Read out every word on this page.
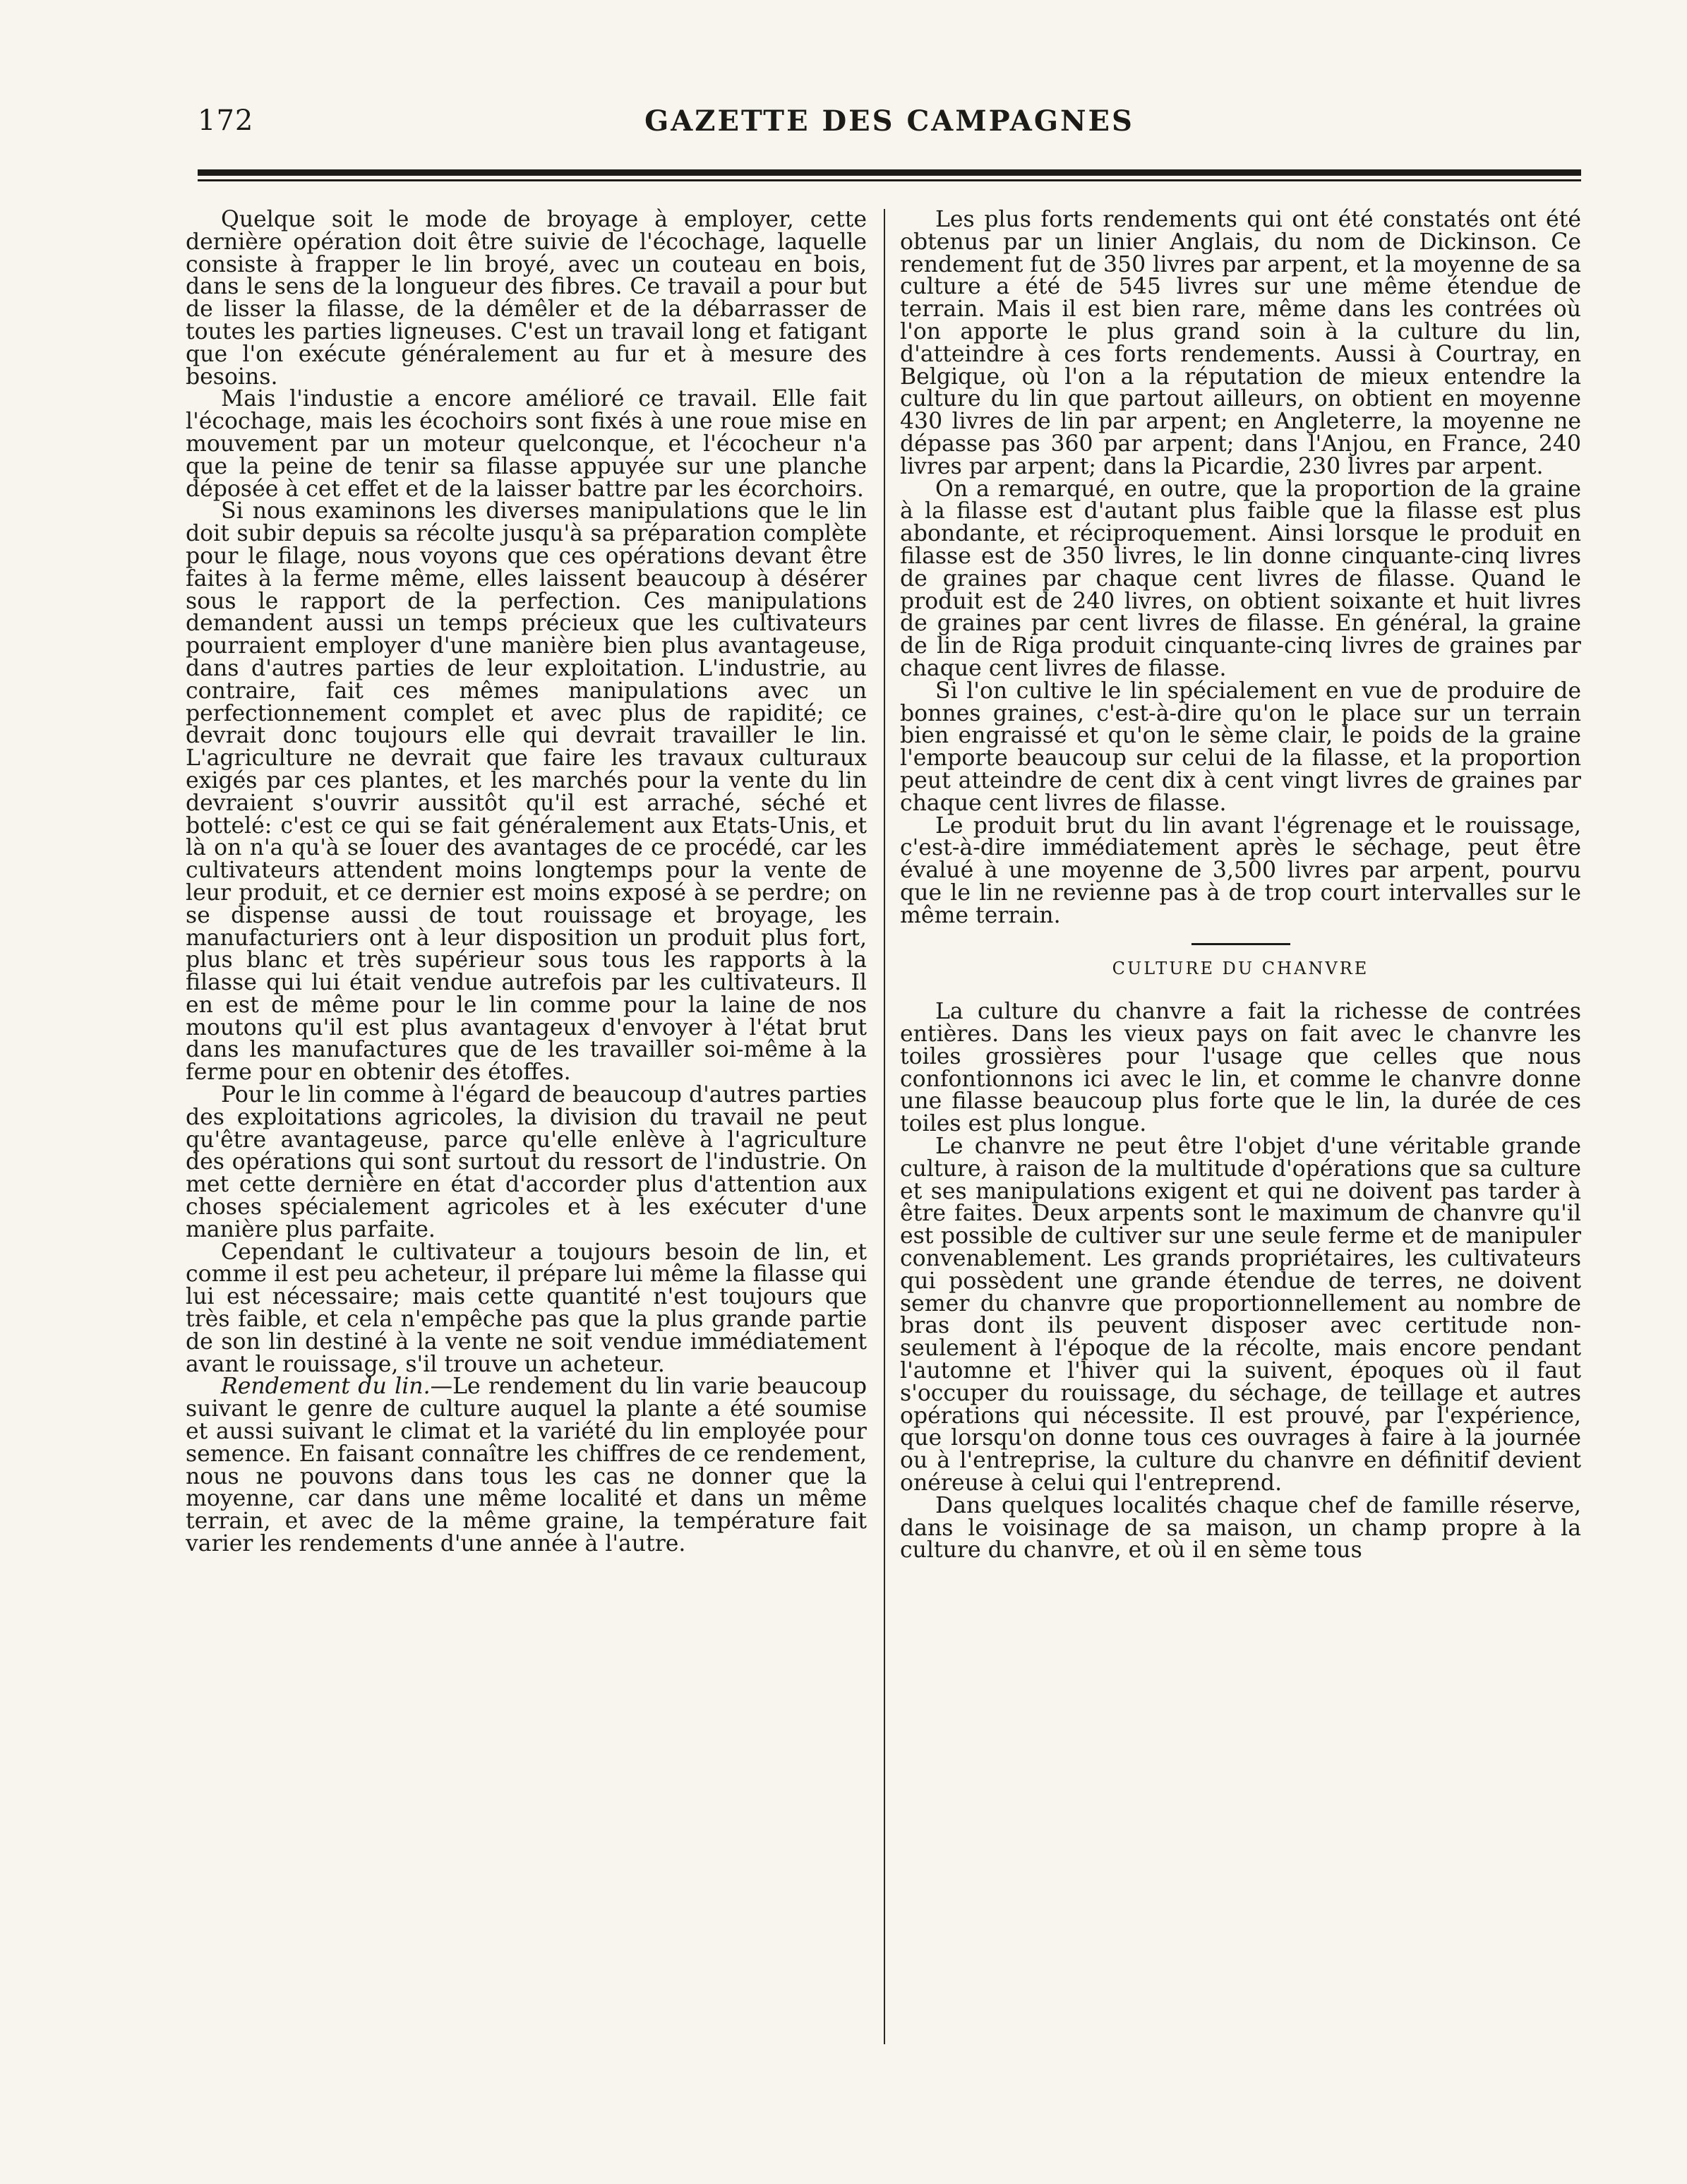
172	GAZETTE DES CAMPAGNES

Quelque soit le mode de broyage à employer, cette dernière opération doit être suivie de l'écochage, laquelle consiste à frapper le lin broyé, avec un couteau en bois, dans le sens de la longueur des fibres. Ce travail a pour but de lisser la filasse, de la démêler et de la débarrasser de toutes les parties ligneuses. C'est un travail long et fatigant que l'on exécute généralement au fur et à mesure des besoins.

Mais l'industie a encore amélioré ce travail. Elle fait l'écochage, mais les écochoirs sont fixés à une roue mise en mouvement par un moteur quelconque, et l'écocheur n'a que la peine de tenir sa filasse appuyée sur une planche déposée à cet effet et de la laisser battre par les écorchoirs.

Si nous examinons les diverses manipulations que le lin doit subir depuis sa récolte jusqu'à sa préparation complète pour le filage, nous voyons que ces opérations devant être faites à la ferme même, elles laissent beaucoup à désérer sous le rapport de la perfection. Ces manipulations demandent aussi un temps précieux que les cultivateurs pourraient employer d'une manière bien plus avantageuse, dans d'autres parties de leur exploitation. L'industrie, au contraire, fait ces mêmes manipulations avec un perfectionnement complet et avec plus de rapidité; ce devrait donc toujours elle qui devrait travailler le lin. L'agriculture ne devrait que faire les travaux culturaux exigés par ces plantes, et les marchés pour la vente du lin devraient s'ouvrir aussitôt qu'il est arraché, séché et bottelé: c'est ce qui se fait généralement aux Etats-Unis, et là on n'a qu'à se louer des avantages de ce procédé, car les cultivateurs attendent moins longtemps pour la vente de leur produit, et ce dernier est moins exposé à se perdre; on se dispense aussi de tout rouissage et broyage, les manufacturiers ont à leur disposition un produit plus fort, plus blanc et très supérieur sous tous les rapports à la filasse qui lui était vendue autrefois par les cultivateurs. Il en est de même pour le lin comme pour la laine de nos moutons qu'il est plus avantageux d'envoyer à l'état brut dans les manufactures que de les travailler soi-même à la ferme pour en obtenir des étoffes.

Pour le lin comme à l'égard de beaucoup d'autres parties des exploitations agricoles, la division du travail ne peut qu'être avantageuse, parce qu'elle enlève à l'agriculture des opérations qui sont surtout du ressort de l'industrie. On met cette dernière en état d'accorder plus d'attention aux choses spécialement agricoles et à les exécuter d'une manière plus parfaite.

Cependant le cultivateur a toujours besoin de lin, et comme il est peu acheteur, il prépare lui même la filasse qui lui est nécessaire; mais cette quantité n'est toujours que très faible, et cela n'empêche pas que la plus grande partie de son lin destiné à la vente ne soit vendue immédiatement avant le rouissage, s'il trouve un acheteur.

Rendement du lin.—Le rendement du lin varie beaucoup suivant le genre de culture auquel la plante a été soumise et aussi suivant le climat et la variété du lin employée pour semence. En faisant connaître les chiffres de ce rendement, nous ne pouvons dans tous les cas ne donner que la moyenne, car dans une même localité et dans un même terrain, et avec de la même graine, la température fait varier les rendements d'une année à l'autre.

Les plus forts rendements qui ont été constatés ont été obtenus par un linier Anglais, du nom de Dickinson. Ce rendement fut de 350 livres par arpent, et la moyenne de sa culture a été de 545 livres sur une même étendue de terrain. Mais il est bien rare, même dans les contrées où l'on apporte le plus grand soin à la culture du lin, d'atteindre à ces forts rendements. Aussi à Courtray, en Belgique, où l'on a la réputation de mieux entendre la culture du lin que partout ailleurs, on obtient en moyenne 430 livres de lin par arpent; en Angleterre, la moyenne ne dépasse pas 360 par arpent; dans l'Anjou, en France, 240 livres par arpent; dans la Picardie, 230 livres par arpent.

On a remarqué, en outre, que la proportion de la graine à la filasse est d'autant plus faible que la filasse est plus abondante, et réciproquement. Ainsi lorsque le produit en filasse est de 350 livres, le lin donne cinquante-cinq livres de graines par chaque cent livres de filasse. Quand le produit est de 240 livres, on obtient soixante et huit livres de graines par cent livres de filasse. En général, la graine de lin de Riga produit cinquante-cinq livres de graines par chaque cent livres de filasse.

Si l'on cultive le lin spécialement en vue de produire de bonnes graines, c'est-à-dire qu'on le place sur un terrain bien engraissé et qu'on le sème clair, le poids de la graine l'emporte beaucoup sur celui de la filasse, et la proportion peut atteindre de cent dix à cent vingt livres de graines par chaque cent livres de filasse.

Le produit brut du lin avant l'égrenage et le rouissage, c'est-à-dire immédiatement après le séchage, peut être évalué à une moyenne de 3,500 livres par arpent, pourvu que le lin ne revienne pas à de trop court intervalles sur le même terrain.

CULTURE DU CHANVRE

La culture du chanvre a fait la richesse de contrées entières. Dans les vieux pays on fait avec le chanvre les toiles grossières pour l'usage que celles que nous confontionnons ici avec le lin, et comme le chanvre donne une filasse beaucoup plus forte que le lin, la durée de ces toiles est plus longue.

Le chanvre ne peut être l'objet d'une véritable grande culture, à raison de la multitude d'opérations que sa culture et ses manipulations exigent et qui ne doivent pas tarder à être faites. Deux arpents sont le maximum de chanvre qu'il est possible de cultiver sur une seule ferme et de manipuler convenablement. Les grands propriétaires, les cultivateurs qui possèdent une grande étendue de terres, ne doivent semer du chanvre que proportionnellement au nombre de bras dont ils peuvent disposer avec certitude non-seulement à l'époque de la récolte, mais encore pendant l'automne et l'hiver qui la suivent, époques où il faut s'occuper du rouissage, du séchage, de teillage et autres opérations qui nécessite. Il est prouvé, par l'expérience, que lorsqu'on donne tous ces ouvrages à faire à la journée ou à l'entreprise, la culture du chanvre en définitif devient onéreuse à celui qui l'entreprend.

Dans quelques localités chaque chef de famille réserve, dans le voisinage de sa maison, un champ propre à la culture du chanvre, et où il en sème tous
